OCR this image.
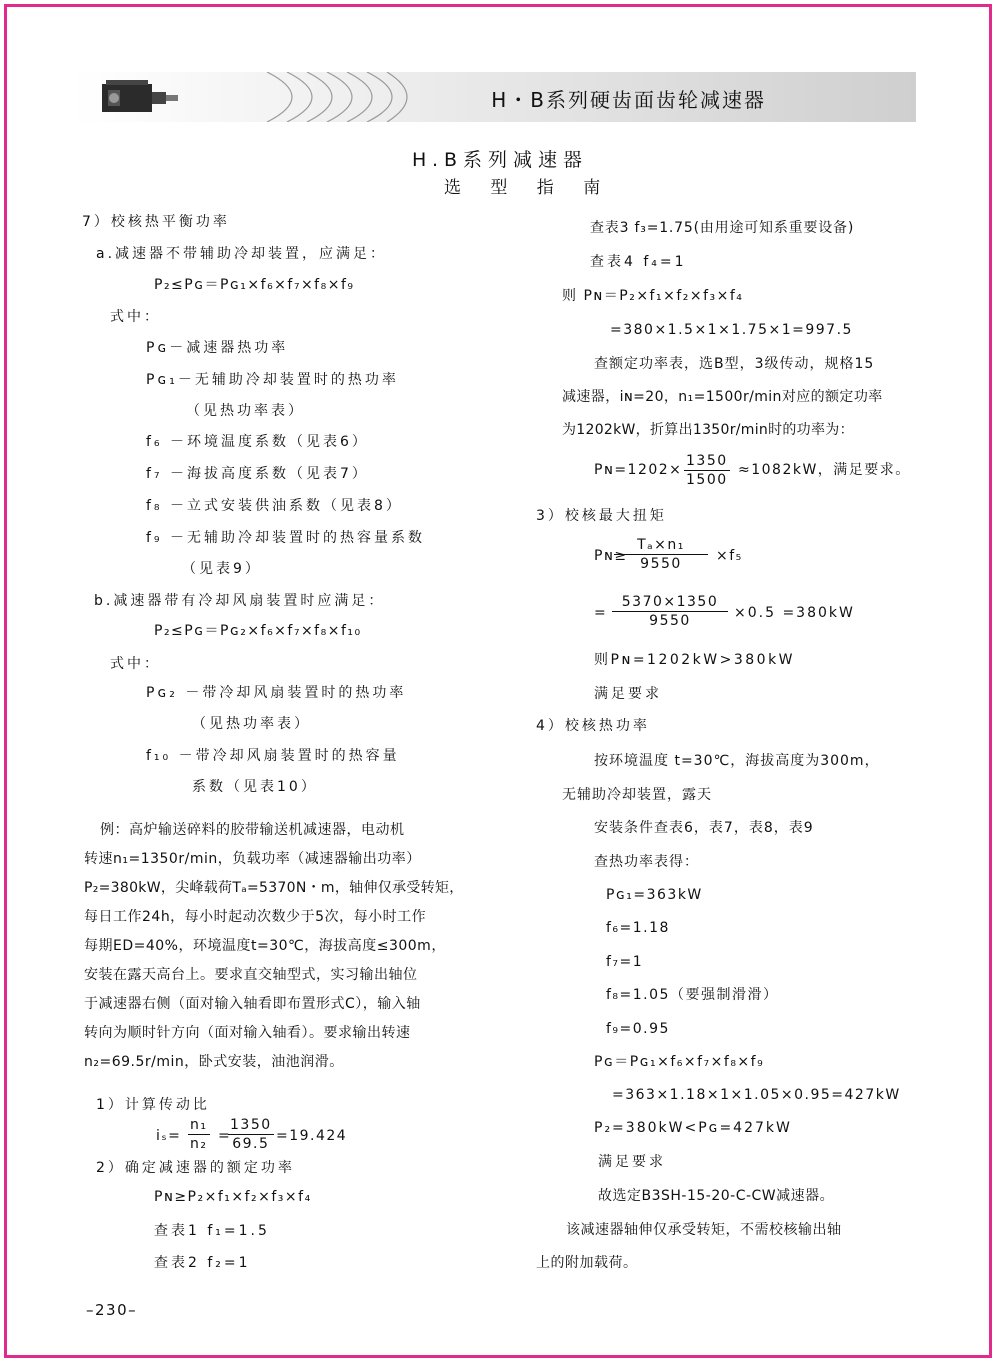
H・B系列硬齿面齿轮减速器
H.B系列减速器
选 型 指 南
7）校核热平衡功率
a.减速器不带辅助冷却装置，应满足：
P₂≤Pɢ＝Pɢ₁×f₆×f₇×f₈×f₉
式中：
Pɢ－减速器热功率
Pɢ₁－无辅助冷却装置时的热功率
（见热功率表）
f₆ －环境温度系数（见表6）
f₇ －海拔高度系数（见表7）
f₈ －立式安装供油系数（见表8）
f₉ －无辅助冷却装置时的热容量系数
（见表9）
b.减速器带有冷却风扇装置时应满足：
P₂≤Pɢ＝Pɢ₂×f₆×f₇×f₈×f₁₀
式中：
Pɢ₂ －带冷却风扇装置时的热功率
（见热功率表）
f₁₀ －带冷却风扇装置时的热容量
系数（见表10）
例：高炉输送碎料的胶带输送机减速器，电动机
转速n₁=1350r/min，负载功率（减速器输出功率）
P₂=380kW，尖峰载荷Tₐ=5370N・m，轴伸仅承受转矩，
每日工作24h，每小时起动次数少于5次，每小时工作
每期ED=40%，环境温度t=30℃，海拔高度≤300m，
安装在露天高台上。要求直交轴型式，实习输出轴位
于减速器右侧（面对输入轴看即布置形式C），输入轴
转向为顺时针方向（面对输入轴看）。要求输出转速
n₂=69.5r/min，卧式安装，油池润滑。
1）计算传动比
$i_s= \frac{\text{n₁}}{\text{n₂}}$ =
$\frac{1350}{69.5} =19.424$
2）确定减速器的额定功率
Pɴ≥P₂×f₁×f₂×f₃×f₄
查表1 f₁=1.5
查表2 f₂=1
–230–
查表3 f₃=1.75(由用途可知系重要设备)
查表4 f₄=1
则 Pɴ＝P₂×f₁×f₂×f₃×f₄
=380×1.5×1×1.75×1=997.5
查额定功率表，选B型，3级传动，规格15
减速器，iɴ=20，n₁=1500r/min对应的额定功率
为1202kW，折算出1350r/min时的功率为：
Pɴ=1202× $\frac{1350}{1500} \approx 1082kW$，满足要求。
3）校核最大扭矩
Pɴ≥
$\frac{\text{Tₐ×n₁}}{9550} \times f_5$
= $\frac{5370\times 1350}{9550} \times 0.5 =380kW$
则Pɴ=1202kW>380kW
满足要求
4）校核热功率
按环境温度 t=30℃，海拔高度为300m，
无辅助冷却装置，露天
安装条件查表6，表7，表8，表9
查热功率表得：
Pɢ₁=363kW
f₆=1.18
f₇=1
f₈=1.05（要强制滑滑）
f₉=0.95
Pɢ＝Pɢ₁×f₆×f₇×f₈×f₉
=363×1.18×1×1.05×0.95=427kW
P₂=380kW<Pɢ=427kW
满足要求
故选定B3SH-15-20-C-CW减速器。
该减速器轴伸仅承受转矩，不需校核输出轴
上的附加载荷。
